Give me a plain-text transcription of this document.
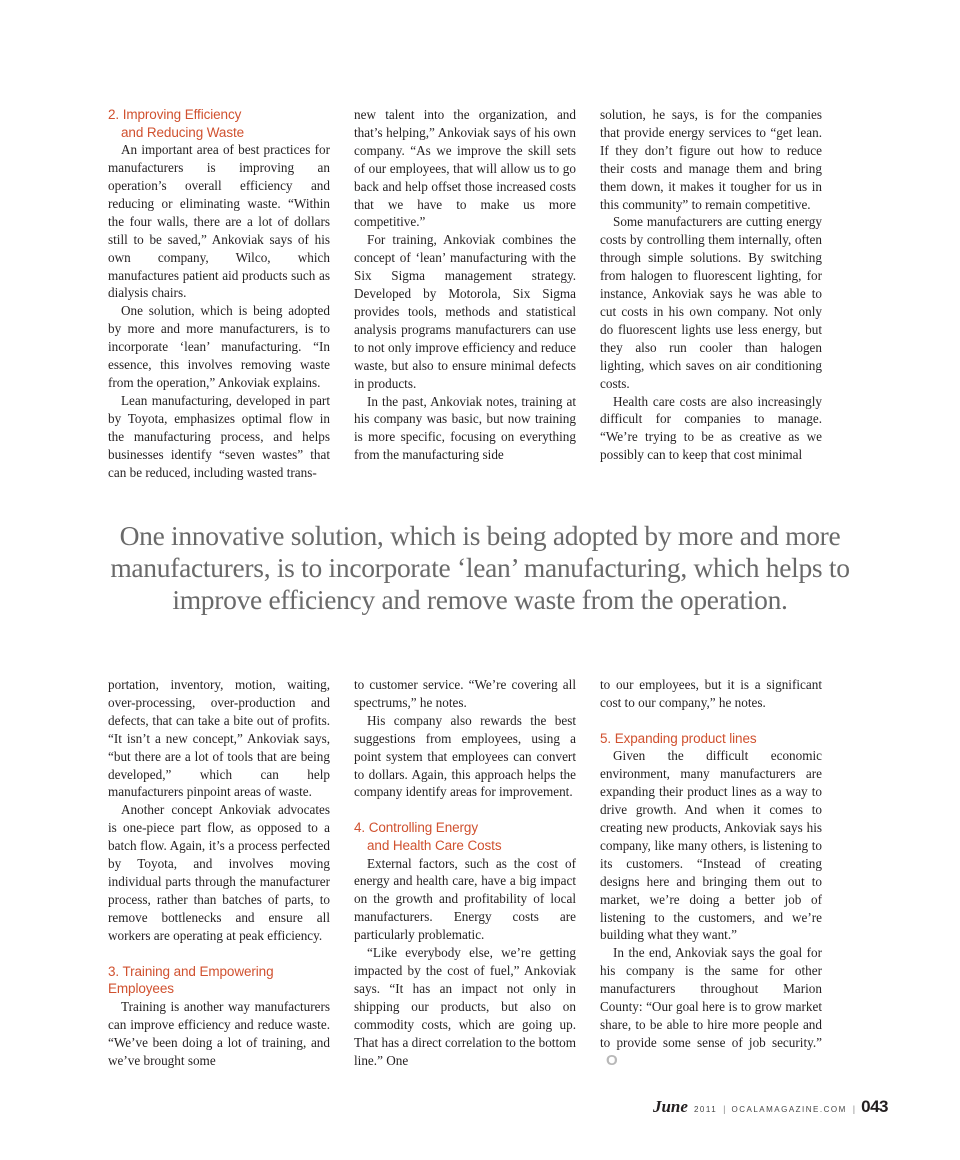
2. Improving Efficiency
and Reducing Waste

An important area of best practices for manufacturers is improving an operation’s overall efficiency and reducing or eliminating waste. “Within the four walls, there are a lot of dollars still to be saved,” Ankoviak says of his own company, Wilco, which manufactures patient aid products such as dialysis chairs.

One solution, which is being adopted by more and more manufacturers, is to incorporate ‘lean’ manufacturing. “In essence, this involves removing waste from the operation,” Ankoviak explains.

Lean manufacturing, developed in part by Toyota, emphasizes optimal flow in the manufacturing process, and helps businesses identify “seven wastes” that can be reduced, including wasted trans-

new talent into the organization, and that’s helping,” Ankoviak says of his own company. “As we improve the skill sets of our employees, that will allow us to go back and help offset those increased costs that we have to make us more competitive.”

For training, Ankoviak combines the concept of ‘lean’ manufacturing with the Six Sigma management strategy. Developed by Motorola, Six Sigma provides tools, methods and statistical analysis programs manufacturers can use to not only improve efficiency and reduce waste, but also to ensure minimal defects in products.

In the past, Ankoviak notes, training at his company was basic, but now training is more specific, focusing on everything from the manufacturing side

solution, he says, is for the companies that provide energy services to “get lean. If they don’t figure out how to reduce their costs and manage them and bring them down, it makes it tougher for us in this community” to remain competitive.

Some manufacturers are cutting energy costs by controlling them internally, often through simple solutions. By switching from halogen to fluorescent lighting, for instance, Ankoviak says he was able to cut costs in his own company. Not only do fluorescent lights use less energy, but they also run cooler than halogen lighting, which saves on air conditioning costs.

Health care costs are also increasingly difficult for companies to manage. “We’re trying to be as creative as we possibly can to keep that cost minimal

One innovative solution, which is being adopted by more and more manufacturers, is to incorporate ‘lean’ manufacturing, which helps to improve efficiency and remove waste from the operation.

portation, inventory, motion, waiting, over-processing, over-production and defects, that can take a bite out of profits. “It isn’t a new concept,” Ankoviak says, “but there are a lot of tools that are being developed,” which can help manufacturers pinpoint areas of waste.

Another concept Ankoviak advocates is one-piece part flow, as opposed to a batch flow. Again, it’s a process perfected by Toyota, and involves moving individual parts through the manufacturer process, rather than batches of parts, to remove bottlenecks and ensure all workers are operating at peak efficiency.

3. Training and Empowering Employees

Training is another way manufacturers can improve efficiency and reduce waste. “We’ve been doing a lot of training, and we’ve brought some

to customer service. “We’re covering all spectrums,” he notes.

His company also rewards the best suggestions from employees, using a point system that employees can convert to dollars. Again, this approach helps the company identify areas for improvement.

4. Controlling Energy
and Health Care Costs

External factors, such as the cost of energy and health care, have a big impact on the growth and profitability of local manufacturers. Energy costs are particularly problematic.

“Like everybody else, we’re getting impacted by the cost of fuel,” Ankoviak says. “It has an impact not only in shipping our products, but also on commodity costs, which are going up. That has a direct correlation to the bottom line.” One

to our employees, but it is a significant cost to our company,” he notes.

5. Expanding product lines

Given the difficult economic environment, many manufacturers are expanding their product lines as a way to drive growth. And when it comes to creating new products, Ankoviak says his company, like many others, is listening to its customers. “Instead of creating designs here and bringing them out to market, we’re doing a better job of listening to the customers, and we’re building what they want.”

In the end, Ankoviak says the goal for his company is the same for other manufacturers throughout Marion County: “Our goal here is to grow market share, to be able to hire more people and to provide some sense of job security.”O

June 2011 | OCALAMAGAZINE.COM | 043
